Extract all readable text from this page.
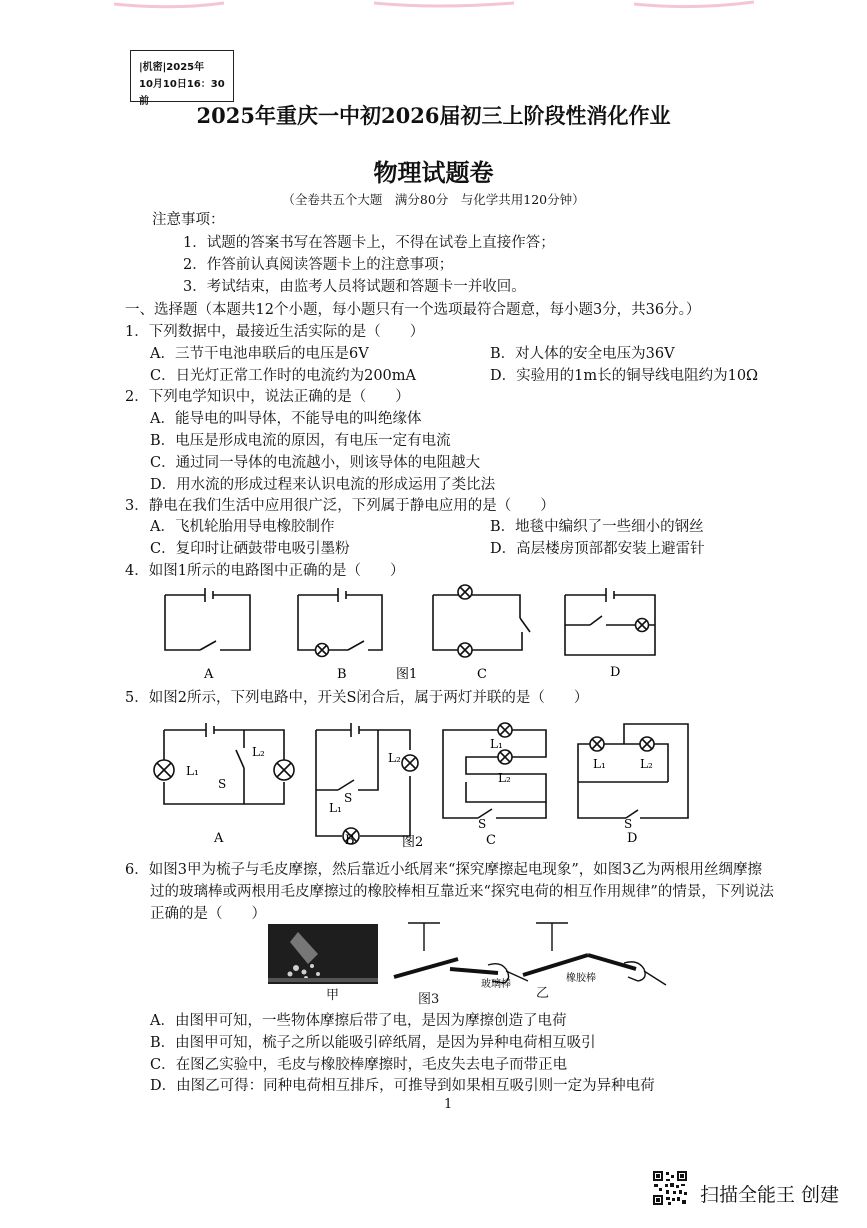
|机密|2025年
10月10日16：30前
2025年重庆一中初2026届初三上阶段性消化作业
物理试题卷
（全卷共五个大题　满分80分　与化学共用120分钟）
注意事项：
1．试题的答案书写在答题卡上，不得在试卷上直接作答；
2．作答前认真阅读答题卡上的注意事项；
3．考试结束，由监考人员将试题和答题卡一并收回。
一、选择题（本题共12个小题，每小题只有一个选项最符合题意，每小题3分，共36分。）
1．下列数据中，最接近生活实际的是（　　）
A．三节干电池串联后的电压是6V	B．对人体的安全电压为36V
C．日光灯正常工作时的电流约为200mA	D．实验用的1m长的铜导线电阻约为10Ω
2．下列电学知识中，说法正确的是（　　）
A．能导电的叫导体，不能导电的叫绝缘体
B．电压是形成电流的原因，有电压一定有电流
C．通过同一导体的电流越小，则该导体的电阻越大
D．用水流的形成过程来认识电流的形成运用了类比法
3．静电在我们生活中应用很广泛，下列属于静电应用的是（　　）
A．飞机轮胎用导电橡胶制作	B．地毯中编织了一些细小的钢丝
C．复印时让硒鼓带电吸引墨粉	D．高层楼房顶部都安装上避雷针
4．如图1所示的电路图中正确的是（　　）
A	B	图1	C	D
5．如图2所示，下列电路中，开关S闭合后，属于两灯并联的是（　　）
L₁
L₂
S
L₂
S
L₁
L₁
L₂
S
L₁	L₂
S
A	B	图2	C	D
6．如图3甲为梳子与毛皮摩擦，然后靠近小纸屑来“探究摩擦起电现象”，如图3乙为两根用丝绸摩擦
过的玻璃棒或两根用毛皮摩擦过的橡胶棒相互靠近来“探究电荷的相互作用规律”的情景，下列说法
正确的是（　　）
玻璃棒
橡胶棒
甲	图3	乙
A．由图甲可知，一些物体摩擦后带了电，是因为摩擦创造了电荷
B．由图甲可知，梳子之所以能吸引碎纸屑，是因为异种电荷相互吸引
C．在图乙实验中，毛皮与橡胶棒摩擦时，毛皮失去电子而带正电
D．由图乙可得：同种电荷相互排斥，可推导到如果相互吸引则一定为异种电荷
1
扫描全能王 创建
